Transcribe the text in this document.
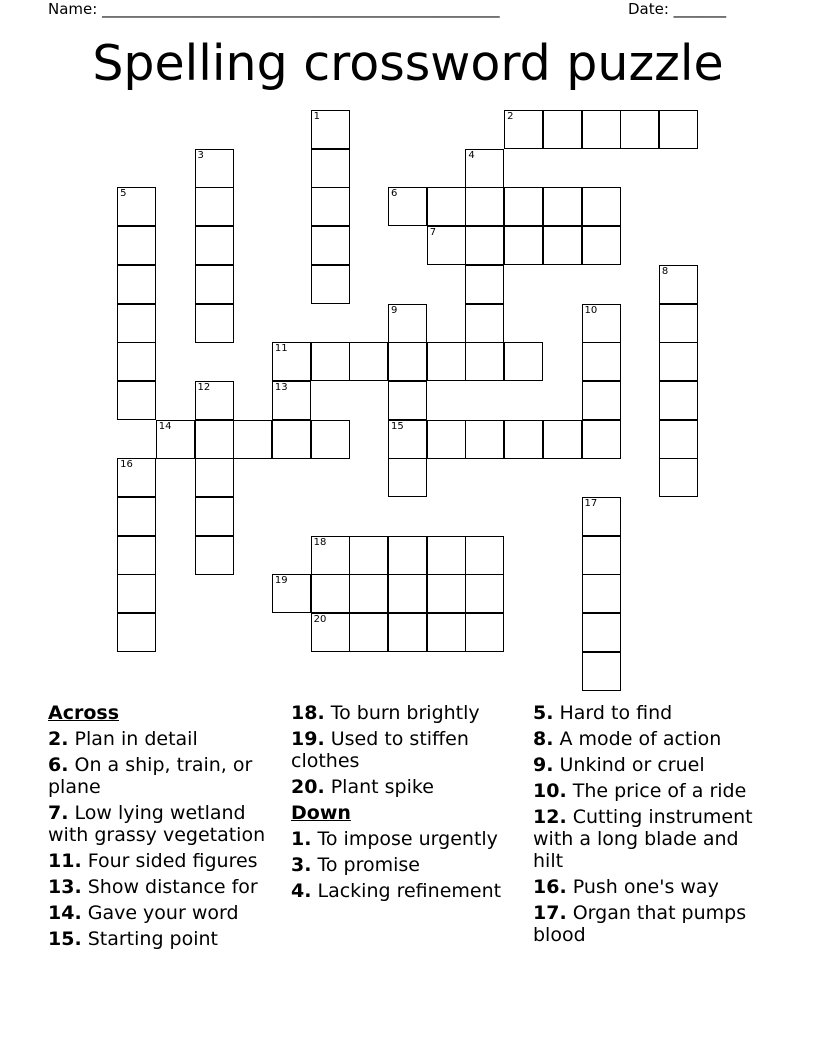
Name: _____________________________________________________	Date: _______
Spelling crossword puzzle
1	2
3	4
5	6
7
8
9
15
10
11
12	13
14
16
17
18
19
20
Across
2. Plan in detail
6. On a ship, train, or plane
7. Low lying wetland with grassy vegetation
11. Four sided figures
13. Show distance for
14. Gave your word
15. Starting point
18. To burn brightly
19. Used to stiffen clothes
20. Plant spike
Down
1. To impose urgently
3. To promise
4. Lacking refinement
5. Hard to find
8. A mode of action
9. Unkind or cruel
10. The price of a ride
12. Cutting instrument with a long blade and hilt
16. Push one's way
17. Organ that pumps blood
